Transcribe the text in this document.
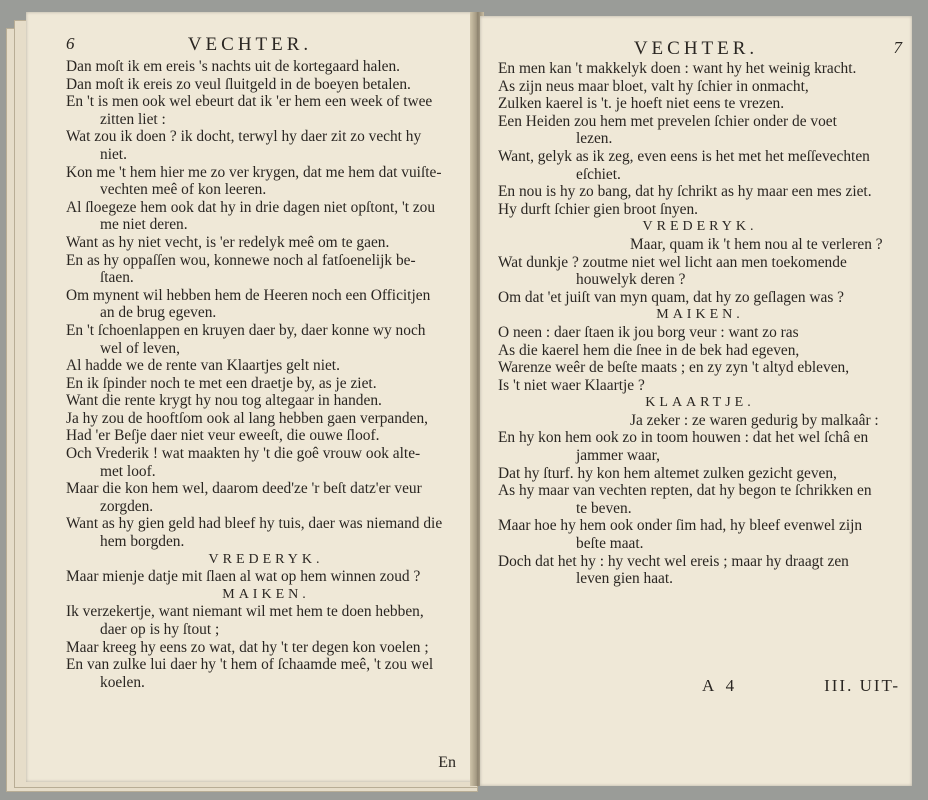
6	VECHTER.
Dan moſt ik em ereis 's nachts uit de kortegaard halen.
Dan moſt ik ereis zo veul ſluitgeld in de boeyen betalen.
En 't is men ook wel ebeurt dat ik 'er hem een week of twee
zitten liet :
Wat zou ik doen ? ik docht, terwyl hy daer zit zo vecht hy
niet.
Kon me 't hem hier me zo ver krygen, dat me hem dat vuiſte-
vechten meê of kon leeren.
Al ſloegeze hem ook dat hy in drie dagen niet opſtont, 't zou
me niet deren.
Want as hy niet vecht, is 'er redelyk meê om te gaen.
En as hy oppaſſen wou, konnewe noch al fatſoenelijk be-
ſtaen.
Om mynent wil hebben hem de Heeren noch een Officitjen
an de brug egeven.
En 't ſchoenlappen en kruyen daer by, daer konne wy noch
wel of leven,
Al hadde we de rente van Klaartjes gelt niet.
En ik ſpinder noch te met een draetje by, as je ziet.
Want die rente krygt hy nou tog altegaar in handen.
Ja hy zou de hooftſom ook al lang hebben gaen verpanden,
Had 'er Beſje daer niet veur eweeſt, die ouwe ſloof.
Och Vrederik ! wat maakten hy 't die goê vrouw ook alte-
met loof.
Maar die kon hem wel, daarom deed'ze 'r beſt datz'er veur
zorgden.
Want as hy gien geld had bleef hy tuis, daer was niemand die
hem borgden.
VREDERYK.
Maar mienje datje mit ſlaen al wat op hem winnen zoud ?
MAIKEN.
Ik verzekertje, want niemant wil met hem te doen hebben,
daer op is hy ſtout ;
Maar kreeg hy eens zo wat, dat hy 't ter degen kon voelen ;
En van zulke lui daer hy 't hem of ſchaamde meê, 't zou wel
koelen.
En
VECHTER.	7
En men kan 't makkelyk doen : want hy het weinig kracht.
As zijn neus maar bloet, valt hy ſchier in onmacht,
Zulken kaerel is 't. je hoeft niet eens te vrezen.
Een Heiden zou hem met prevelen ſchier onder de voet
lezen.
Want, gelyk as ik zeg, even eens is het met het meſſevechten
eſchiet.
En nou is hy zo bang, dat hy ſchrikt as hy maar een mes ziet.
Hy durft ſchier gien broot ſnyen.
VREDERYK.
Maar, quam ik 't hem nou al te verleren ?
Wat dunkje ? zoutme niet wel licht aan men toekomende
houwelyk deren ?
Om dat 'et juiſt van myn quam, dat hy zo geſlagen was ?
MAIKEN.
O neen : daer ſtaen ik jou borg veur : want zo ras
As die kaerel hem die ſnee in de bek had egeven,
Warenze weêr de beſte maats ; en zy zyn 't altyd ebleven,
Is 't niet waer Klaartje ?
KLAARTJE.
Ja zeker : ze waren gedurig by malkaâr :
En hy kon hem ook zo in toom houwen : dat het wel ſchâ en
jammer waar,
Dat hy ſturf. hy kon hem altemet zulken gezicht geven,
As hy maar van vechten repten, dat hy begon te ſchrikken en
te beven.
Maar hoe hy hem ook onder ſim had, hy bleef evenwel zijn
beſte maat.
Doch dat het hy : hy vecht wel ereis ; maar hy draagt zen
leven gien haat.
A 4	III. UIT-
